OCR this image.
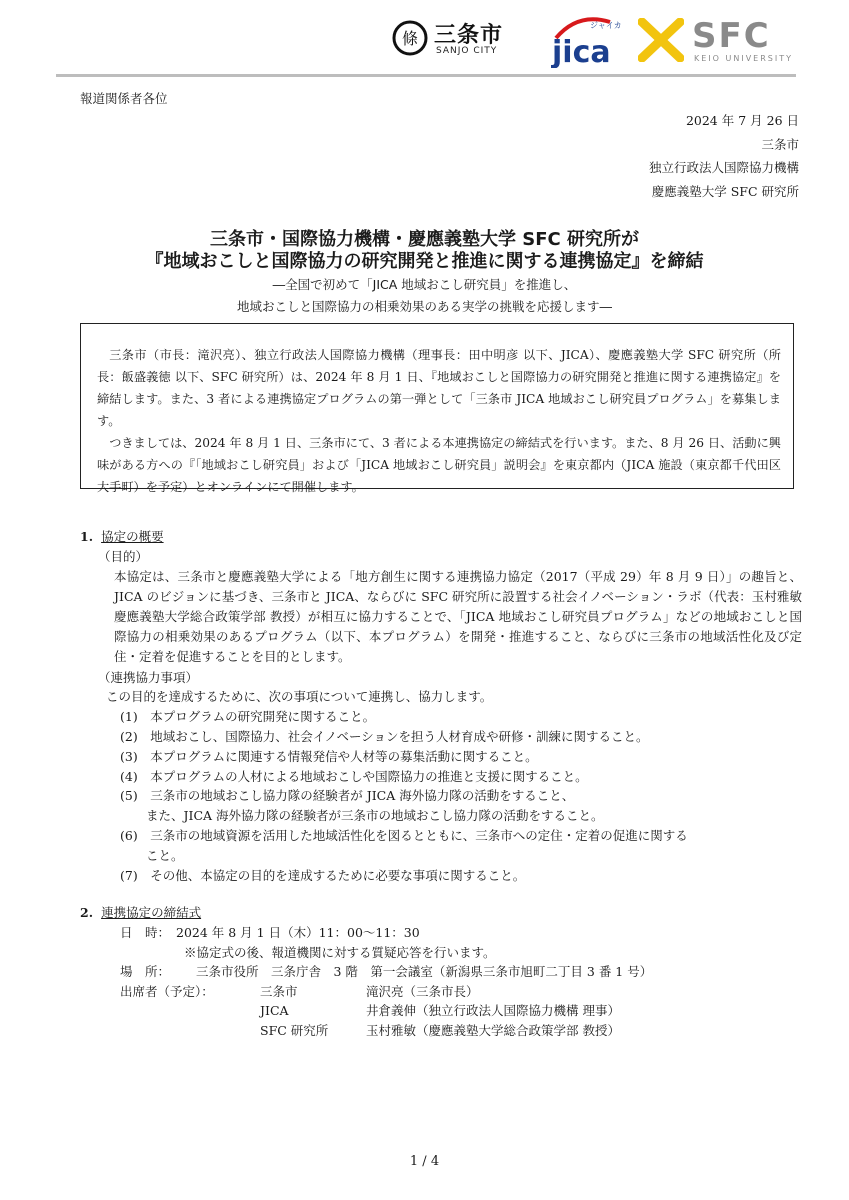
條 三条市
SANJO CITY
ジャイカ
jica SFC
KEIO UNIVERSITY
報道関係者各位
2024 年 7 月 26 日
三条市
独立行政法人国際協力機構
慶應義塾大学 SFC 研究所
三条市・国際協力機構・慶應義塾大学 SFC 研究所が
『地域おこしと国際協力の研究開発と推進に関する連携協定』を締結
―全国で初めて「JICA 地域おこし研究員」を推進し、
地域おこしと国際協力の相乗効果のある実学の挑戦を応援します―

三条市（市長：滝沢亮）、独立行政法人国際協力機構（理事長：田中明彦 以下、JICA）、慶應義塾大学 SFC 研究所（所長：飯盛義徳 以下、SFC 研究所）は、2024 年 8 月 1 日、『地域おこしと国際協力の研究開発と推進に関する連携協定』を締結します。また、3 者による連携協定プログラムの第一弾として「三条市 JICA 地域おこし研究員プログラム」を募集します。

つきましては、2024 年 8 月 1 日、三条市にて、3 者による本連携協定の締結式を行います。また、8 月 26 日、活動に興味がある方への『「地域おこし研究員」および「JICA 地域おこし研究員」説明会』を東京都内（JICA 施設（東京都千代田区大手町）を予定）とオンラインにて開催します。

1. 協定の概要
（目的）
本協定は、三条市と慶應義塾大学による「地方創生に関する連携協力協定（2017（平成 29）年 8 月 9 日）」の趣旨と、JICA のビジョンに基づき、三条市と JICA、ならびに SFC 研究所に設置する社会イノベーション・ラボ（代表：玉村雅敏 慶應義塾大学総合政策学部 教授）が相互に協力することで、「JICA 地域おこし研究員プログラム」などの地域おこしと国際協力の相乗効果のあるプログラム（以下、本プログラム）を開発・推進すること、ならびに三条市の地域活性化及び定住・定着を促進することを目的とします。
（連携協力事項）
この目的を達成するために、次の事項について連携し、協力します。
(1)　 本プログラムの研究開発に関すること。
(2)　 地域おこし、国際協力、社会イノベーションを担う人材育成や研修・訓練に関すること。
(3)　 本プログラムに関連する情報発信や人材等の募集活動に関すること。
(4)　 本プログラムの人材による地域おこしや国際協力の推進と支援に関すること。
(5)　 三条市の地域おこし協力隊の経験者が JICA 海外協力隊の活動をすること、
また、JICA 海外協力隊の経験者が三条市の地域おこし協力隊の活動をすること。
(6)　 三条市の地域資源を活用した地域活性化を図るとともに、三条市への定住・定着の促進に関する
こと。
(7)　 その他、本協定の目的を達成するために必要な事項に関すること。
2. 連携協定の締結式
日　時： 2024 年 8 月 1 日（木）11：00～11：30
※協定式の後、報道機関に対する質疑応答を行います。
場　所： 三条市役所　三条庁舎　3 階　第一会議室（新潟県三条市旭町二丁目 3 番 1 号）
出席者（予定）：	三条市	滝沢亮（三条市長）
JICA	井倉義伸（独立行政法人国際協力機構 理事）
SFC 研究所	玉村雅敏（慶應義塾大学総合政策学部 教授）
1 / 4
